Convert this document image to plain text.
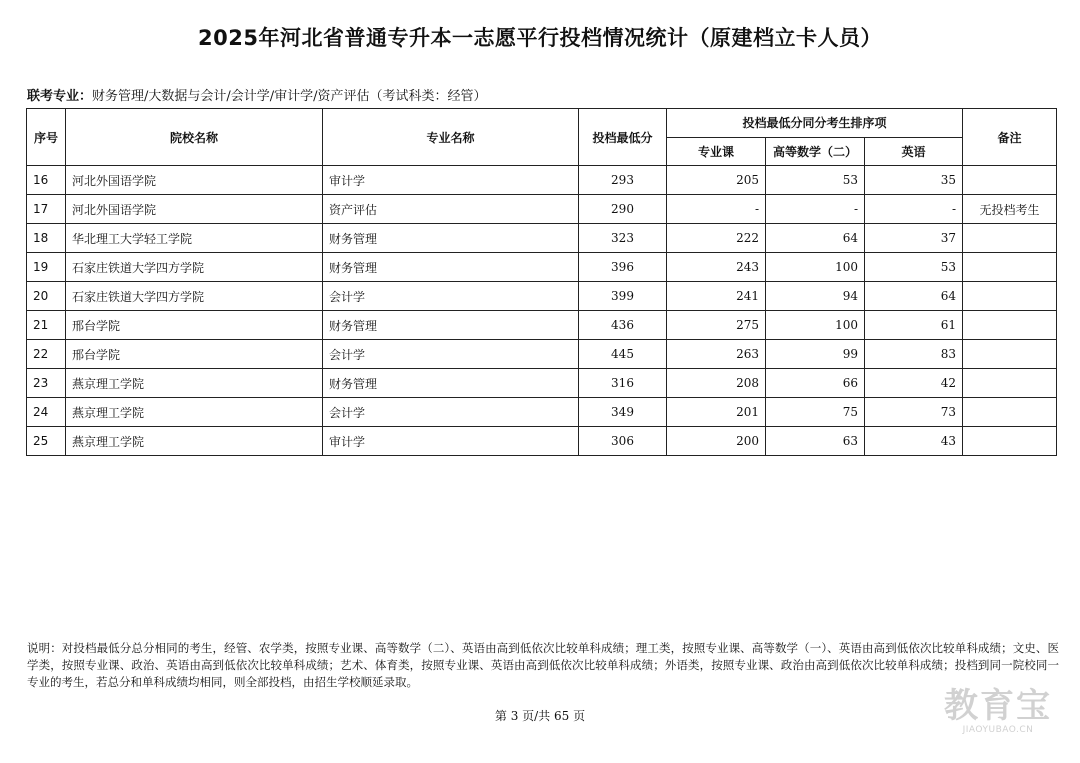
2025年河北省普通专升本一志愿平行投档情况统计（原建档立卡人员）
联考专业：财务管理/大数据与会计/会计学/审计学/资产评估（考试科类：经管）
序号	院校名称	专业名称	投档最低分	投档最低分同分考生排序项			备注
				专业课	高等数学（二）	英语	
16	河北外国语学院	审计学	293	205	53	35	
17	河北外国语学院	资产评估	290	-	-	-	无投档考生
18	华北理工大学轻工学院	财务管理	323	222	64	37	
19	石家庄铁道大学四方学院	财务管理	396	243	100	53	
20	石家庄铁道大学四方学院	会计学	399	241	94	64	
21	邢台学院	财务管理	436	275	100	61	
22	邢台学院	会计学	445	263	99	83	
23	燕京理工学院	财务管理	316	208	66	42	
24	燕京理工学院	会计学	349	201	75	73	
25	燕京理工学院	审计学	306	200	63	43	
说明：对投档最低分总分相同的考生，经管、农学类，按照专业课、高等数学（二）、英语由高到低依次比较单科成绩；理工类，按照专业课、高等数学（一）、英语由高到低依次比较单科成绩；文史、医学类，按照专业课、政治、英语由高到低依次比较单科成绩；艺术、体育类，按照专业课、英语由高到低依次比较单科成绩；外语类，按照专业课、政治由高到低依次比较单科成绩；投档到同一院校同一专业的考生，若总分和单科成绩均相同，则全部投档，由招生学校顺延录取。
第 3 页/共 65 页	教育宝
JIAOYUBAO.CN
